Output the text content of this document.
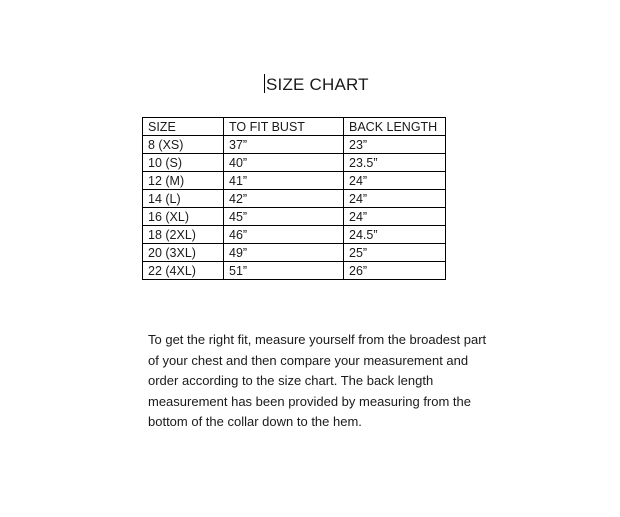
SIZE CHART
SIZE	TO FIT BUST	BACK LENGTH
8 (XS)	37”	23”
10 (S)	40”	23.5”
12 (M)	41”	24”
14 (L)	42”	24”
16 (XL)	45”	24”
18 (2XL)	46”	24.5”
20 (3XL)	49”	25”
22 (4XL)	51”	26”

To get the right fit, measure yourself from the broadest part of your chest and then compare your measurement and order according to the size chart. The back length measurement has been provided by measuring from the bottom of the collar down to the hem.
